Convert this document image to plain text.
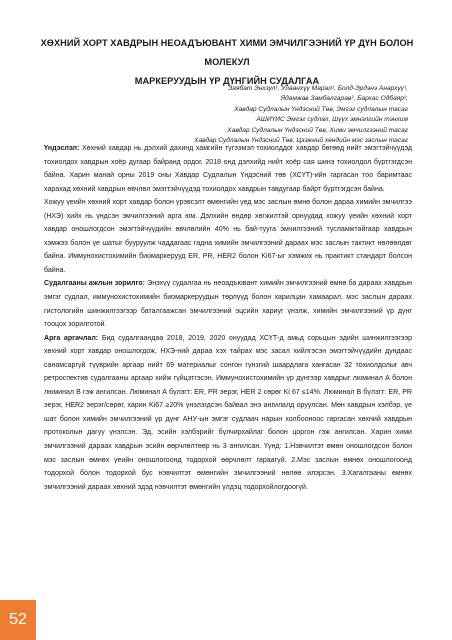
ХӨХНИЙ ХОРТ ХАВДРЫН НЕОАДЪЮВАНТ ХИМИ ЭМЧИЛГЭЭНИЙ ҮР ДҮН БОЛОН МОЛЕКУЛ
МАРКЕРУУДЫН ҮР ДҮНГИЙН СУДАЛГАА
Заябат Энхзул¹, Улаанхүү Марал¹, Болд-Эрдэнэ Анархүү¹,
Ядамжав Замбалгарав², Бархас Одбаяр²,
Хавдар Судлалын Үндэсний Төв, Эмгэг судлалын тасаг
АШИҮИС Эмгэг судлал, Шүүх эмнэлгийн тэнхим
Хавдар Судлалын Үндэсний Төв, Хими эмчилгээний тасаг
Хавдар Судлалын Үндэсний Төв, Цээжний хөндийн мэс заслын тасаг

Үндэслэл: Хөхний хавдар нь дэлхий дахинд хамгийн түгээмэл тохиолддог хавдар бөгөөд нийт эмэгтэйчүүдэд тохиолдох хавдрын хоёр дугаар байранд ордог. 2018 онд дэлхийд нийт хоёр сая шинэ тохиолдол бүртгэгдсэн байна. Харин манай орны 2019 оны Хавдар Судлалын Үндэсний төв (ХСҮТ)-ийн гаргасан тоо баримтаас харахад хөхний хавдрын өвчлөл эмэгтэйчүүдэд тохиолдох хавдрын тавдугаар байрт бүртгэгдсэн байна.

Хожуу үеийн хөхний хорт хавдар болон үрэвсэлт өмөнгийн үед мэс заслын өмнө болон дараа химийн эмчилгээ (НХЭ) хийх нь үндсэн эмчилгээний арга юм. Дэлхийн өндөр хөгжилтэй орнуудад хожуу үеийн хөхний хорт хавдар оношлогдсон эмэгтэйчүүдийн өвчлөлийн 40% нь бай-тууга эмчилгээний тусламжтайгаар хавдрын хэмжээ болон үе шатыг бууруулж чаддагаас гадна химийн эмчилгээний дараах мэс заслын тактикт нөлөөлдөг байна. Иммунохистохимийн биомаркерууд ER, PR, HER2 болон Ki67-ыг хэмжих нь практикт стандарт болсон байна.

Судалгааны ажлын зорилго: Энэхүү судалгаа нь неоадъювант химийн эмчилгээний өмнө ба дараах хавдрын эмгэг судлал, иммунохистохимийн биомаркеруудын төрлүүд болон харилцан хамаарал, мэс заслын дараах гистологийн шинжилгээгээр баталгаажсан эмчилгээний эцсийн хариуг үнэлж, химийн эмчилгээний үр дүнг тооцох зорилготой.

Арга аргачлал: Бид судалгаандаа 2018, 2019, 2020 онуудад ХСҮТ-д амьд сорьцын эдийн шинжилгээгээр хөхний хорт хавдар оношлогдож, НХЭ-ний дараа хэх тайрах мэс засал хийлгэсэн эмэгтэйчүүдийн дундаас санамсаргүй түүврийн аргаар нийт 69 материалыг сонгон гүнзгий шаардлага хангасан 32 тохиолдолыг авч ретроспектив судалгааны аргаар хийж гүйцэтгэсэн. Иммунохистохимийн үр дүнгээр хавдрыг люминал А болон люминал В гэж ангилсан. Люминал А бүлэгт: ER, PR эерэг, HER 2 сөрөг Ki 67 ≤14%. Люминал В бүлэгт: ER, PR эерэг, HER2 эерэг/сөрөг, харин Ki67 ≥20% үнэлэгдсэн байвал энэ ангилалд оруулсан. Мөн хавдрын хэлбэр, үе шат болон химийн эмчилгээний үр дүнг АНУ-ын эмгэг судлаач нарын холбооноос гаргасан хөхний хавдрын протоколын дагуу үнэлсэн. Эд, эсийн хэлбэрийг бүлчирхайлаг болон цоргон гэж ангилсан. Харин хими эмчилгээний дараах хавдрын эсийн өөрчлөлтөөр нь 3 ангилсан. Үүнд: 1.Нэвчилтэт өмөн оношлогдсон болон мэс заслын өмнөх үеийн оношлогоонд тодорхой өөрчлөлт гараагүй. 2.Мэс заслын өмнөх оношлогоонд тодорхой болон тодорхой бус нэвчилтэт өмөнгийн эмчилгээний нөлөө илэрсэн. 3.Хагалгааны өмнөх эмчилгээний дараах хөхний эдэд нэвчилтэт өмөнгийн үлдэц тодорхойлогдоогүй.

52
